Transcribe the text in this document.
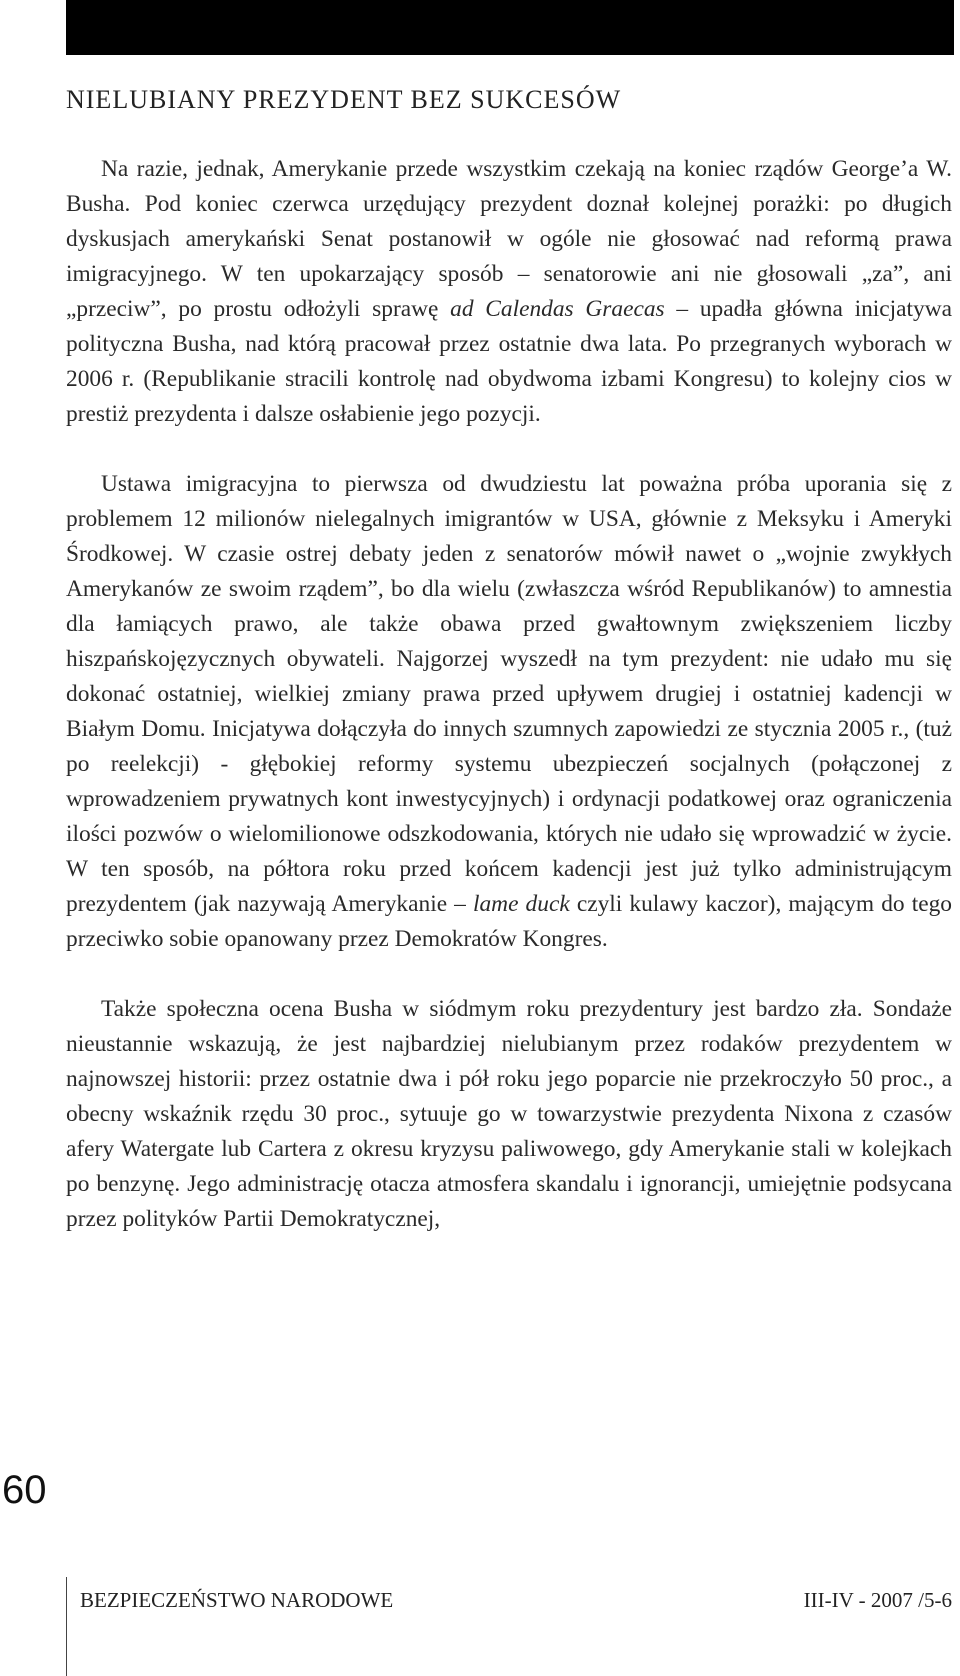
NIELUBIANY PREZYDENT BEZ SUKCESÓW

Na razie, jednak, Amerykanie przede wszystkim czekają na koniec rządów George’a W. Busha. Pod koniec czerwca urzędujący prezydent doznał kolejnej porażki: po długich dyskusjach amerykański Senat postanowił w ogóle nie głosować nad reformą prawa imigracyjnego. W ten upokarzający sposób – senatorowie ani nie głosowali „za”, ani „przeciw”, po prostu odłożyli sprawę ad Calendas Graecas – upadła główna inicjatywa polityczna Busha, nad którą pracował przez ostatnie dwa lata. Po przegranych wyborach w 2006 r. (Republikanie stracili kontrolę nad obydwoma izbami Kongresu) to kolejny cios w prestiż prezydenta i dalsze osłabienie jego pozycji.

Ustawa imigracyjna to pierwsza od dwudziestu lat poważna próba uporania się z problemem 12 milionów nielegalnych imigrantów w USA, głównie z Meksyku i Ameryki Środkowej. W czasie ostrej debaty jeden z senatorów mówił nawet o „wojnie zwykłych Amerykanów ze swoim rządem”, bo dla wielu (zwłaszcza wśród Republikanów) to amnestia dla łamiących prawo, ale także obawa przed gwałtownym zwiększeniem liczby hiszpańskojęzycznych obywateli. Najgorzej wyszedł na tym prezydent: nie udało mu się dokonać ostatniej, wielkiej zmiany prawa przed upływem drugiej i ostatniej kadencji w Białym Domu. Inicjatywa dołączyła do innych szumnych zapowiedzi ze stycznia 2005 r., (tuż po reelekcji) - głębokiej reformy systemu ubezpieczeń socjalnych (połączonej z wprowadzeniem prywatnych kont inwestycyjnych) i ordynacji podatkowej oraz ograniczenia ilości pozwów o wielomilionowe odszkodowania, których nie udało się wprowadzić w życie. W ten sposób, na półtora roku przed końcem kadencji jest już tylko administrującym prezydentem (jak nazywają Amerykanie – lame duck czyli kulawy kaczor), mającym do tego przeciwko sobie opanowany przez Demokratów Kongres.

Także społeczna ocena Busha w siódmym roku prezydentury jest bardzo zła. Sondaże nieustannie wskazują, że jest najbardziej nielubianym przez rodaków prezydentem w najnowszej historii: przez ostatnie dwa i pół roku jego poparcie nie przekroczyło 50 proc., a obecny wskaźnik rzędu 30 proc., sytuuje go w towarzystwie prezydenta Nixona z czasów afery Watergate lub Cartera z okresu kryzysu paliwowego, gdy Amerykanie stali w kolejkach po benzynę. Jego administrację otacza atmosfera skandalu i ignorancji, umiejętnie podsycana przez polityków Partii Demokratycznej,

60
BEZPIECZEŃSTWO NARODOWE	III-IV - 2007 /5-6
